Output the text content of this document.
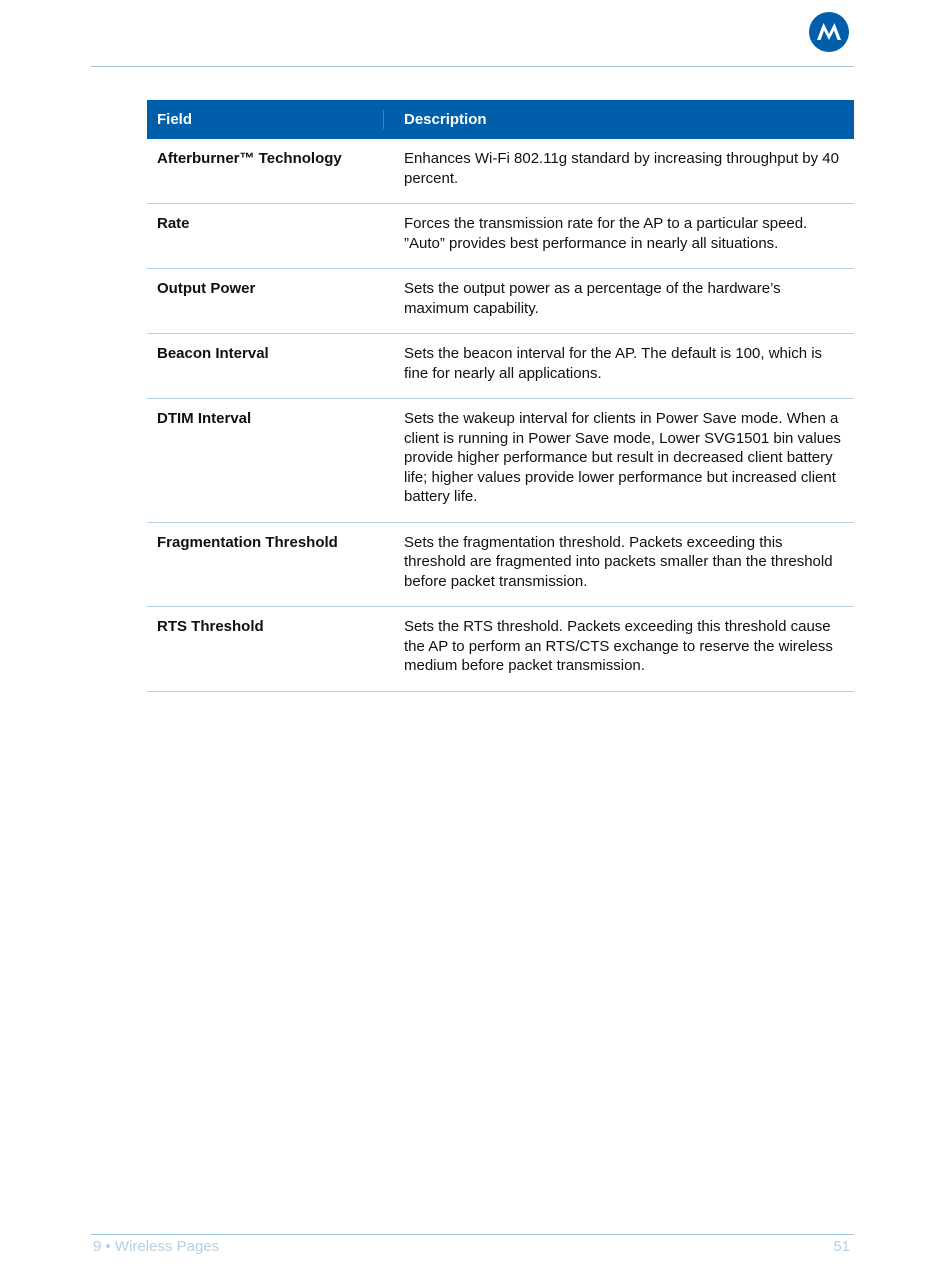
Field	Description
Afterburner™ Technology	Enhances Wi-Fi 802.11g standard by increasing throughput by 40 percent.
Rate	Forces the transmission rate for the AP to a particular speed. ”Auto” provides best performance in nearly all situations.
Output Power	Sets the output power as a percentage of the hardware’s maximum capability.
Beacon Interval	Sets the beacon interval for the AP. The default is 100, which is fine for nearly all applications.
DTIM Interval	Sets the wakeup interval for clients in Power Save mode. When a client is running in Power Save mode, Lower SVG1501 bin values provide higher performance but result in decreased client battery life; higher values provide lower performance but increased client battery life.
Fragmentation Threshold	Sets the fragmentation threshold. Packets exceeding this threshold are fragmented into packets smaller than the threshold before packet transmission.
RTS Threshold	Sets the RTS threshold. Packets exceeding this threshold cause the AP to perform an RTS/CTS exchange to reserve the wireless medium before packet transmission.
9 • Wireless Pages	51
